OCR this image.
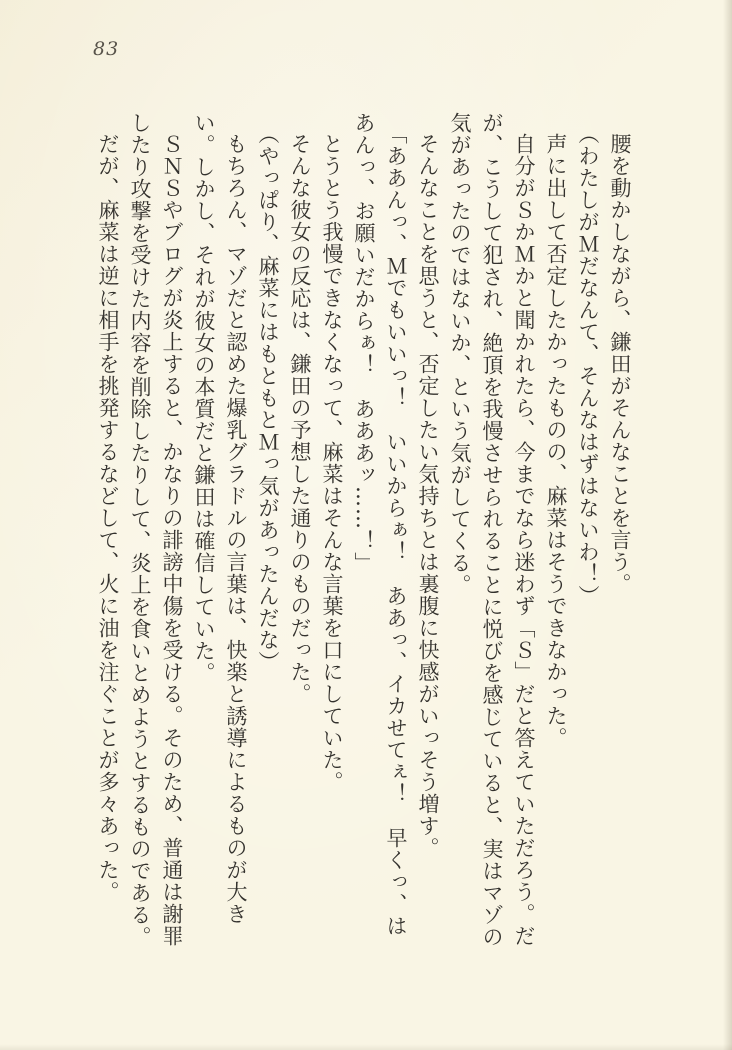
83

腰を動かしながら、鎌田がそんなことを言う。

（わたしがＭだなんて、そんなはずはないわ！）

声に出して否定したかったものの、麻菜はそうできなかった。

自分がＳかＭかと聞かれたら、今までなら迷わず「Ｓ」だと答えていただろう。だが、こうして犯され、絶頂を我慢させられることに悦びを感じていると、実はマゾの気があったのではないか、という気がしてくる。

そんなことを思うと、否定したい気持ちとは裏腹に快感がいっそう増す。

「ああんっ、Ｍでもいいっ！　いいからぁ！　ああっ、イカせてぇ！　早くっ、はあんっ、お願いだからぁ！　あああッ……！」

とうとう我慢できなくなって、麻菜はそんな言葉を口にしていた。

そんな彼女の反応は、鎌田の予想した通りのものだった。

（やっぱり、麻菜にはもともとＭっ気があったんだな）

もちろん、マゾだと認めた爆乳グラドルの言葉は、快楽と誘導によるものが大きい。しかし、それが彼女の本質だと鎌田は確信していた。

ＳＮＳやブログが炎上すると、かなりの誹謗中傷を受ける。そのため、普通は謝罪したり攻撃を受けた内容を削除したりして、炎上を食いとめようとするものである。

だが、麻菜は逆に相手を挑発するなどして、火に油を注ぐことが多々あった。
